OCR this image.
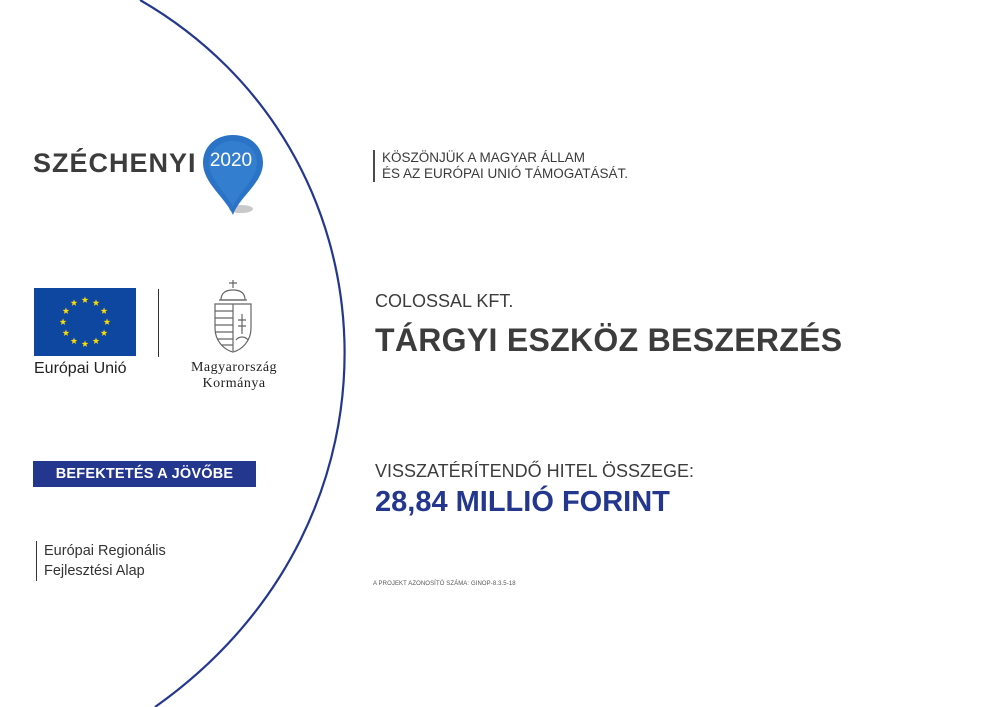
SZÉCHENYI 2020	KÖSZÖNJÜK A MAGYAR ÁLLAM
ÉS AZ EURÓPAI UNIÓ TÁMOGATÁSÁT.
Európai Unió	Magyarország
Kormánya
BEFEKTETÉS A JÖVŐBE
Európai Regionális
Fejlesztési Alap
COLOSSAL KFT.
TÁRGYI ESZKÖZ BESZERZÉS
VISSZATÉRÍTENDŐ HITEL ÖSSZEGE:
28,84 MILLIÓ FORINT
A PROJEKT AZONOSÍTÓ SZÁMA: GINOP-8.3.5-18
